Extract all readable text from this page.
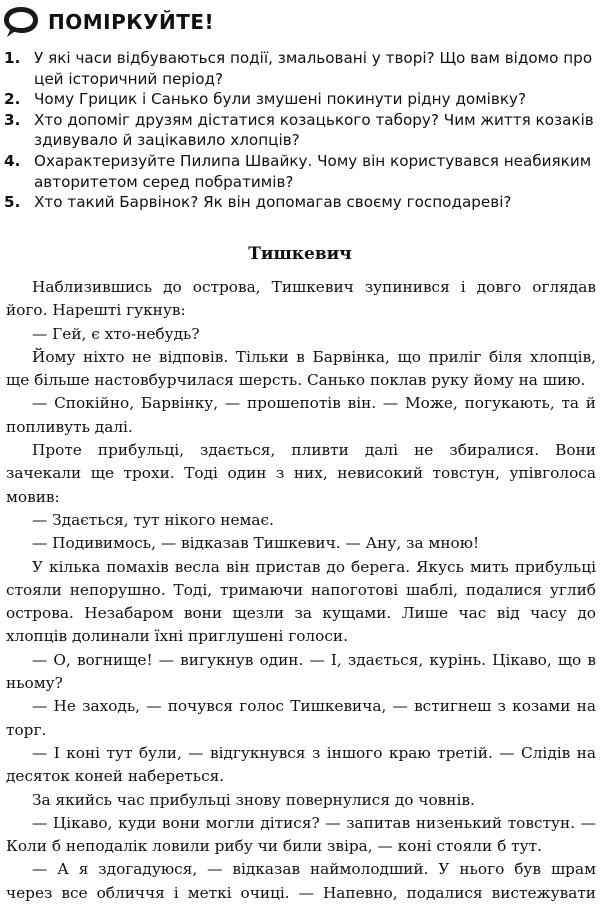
ПОМІРКУЙТЕ!
1. У які часи відбуваються події, змальовані у творі? Що вам відомо про цей історичний період?
2. Чому Грицик і Санько були змушені покинути рідну домівку?
3. Хто допоміг друзям дістатися козацького табору? Чим життя козаків здивувало й зацікавило хлопців?
4. Охарактеризуйте Пилипа Швайку. Чому він користувався неабияким авторитетом серед побратимів?
5. Хто такий Барвінок? Як він допомагав своєму господареві?
Тишкевич

Наблизившись до острова, Тишкевич зупинився і довго оглядав його. Нарешті гукнув:

— Гей, є хто-небудь?

Йому ніхто не відповів. Тільки в Барвінка, що приліг біля хлопців, ще більше настовбурчилася шерсть. Санько поклав руку йому на шию.

— Спокійно, Барвінку, — прошепотів він. — Може, погукають, та й попливуть далі.

Проте прибульці, здається, пливти далі не збиралися. Вони зачекали ще трохи. Тоді один з них, невисокий товстун, упівголоса мовив:

— Здається, тут нікого немає.

— Подивимось, — відказав Тишкевич. — Ану, за мною!

У кілька помахів весла він пристав до берега. Якусь мить прибульці стояли непорушно. Тоді, тримаючи напоготові шаблі, подалися углиб острова. Незабаром вони щезли за кущами. Лише час від часу до хлопців долинали їхні приглушені голоси.

— О, вогнище! — вигукнув один. — І, здається, курінь. Цікаво, що в ньому?

— Не заходь, — почувся голос Тишкевича, — встигнеш з козами на торг.

— І коні тут були, — відгукнувся з іншого краю третій. — Слідів на десяток коней набереться.

За якийсь час прибульці знову повернулися до човнів.

— Цікаво, куди вони могли дітися? — запитав низенький товстун. — Коли б неподалік ловили рибу чи били звіра, — коні стояли б тут.

— А я здогадуюся, — відказав наймолодший. У нього був шрам через все обличчя і меткі очиці. — Напевно, подалися вистежувати
